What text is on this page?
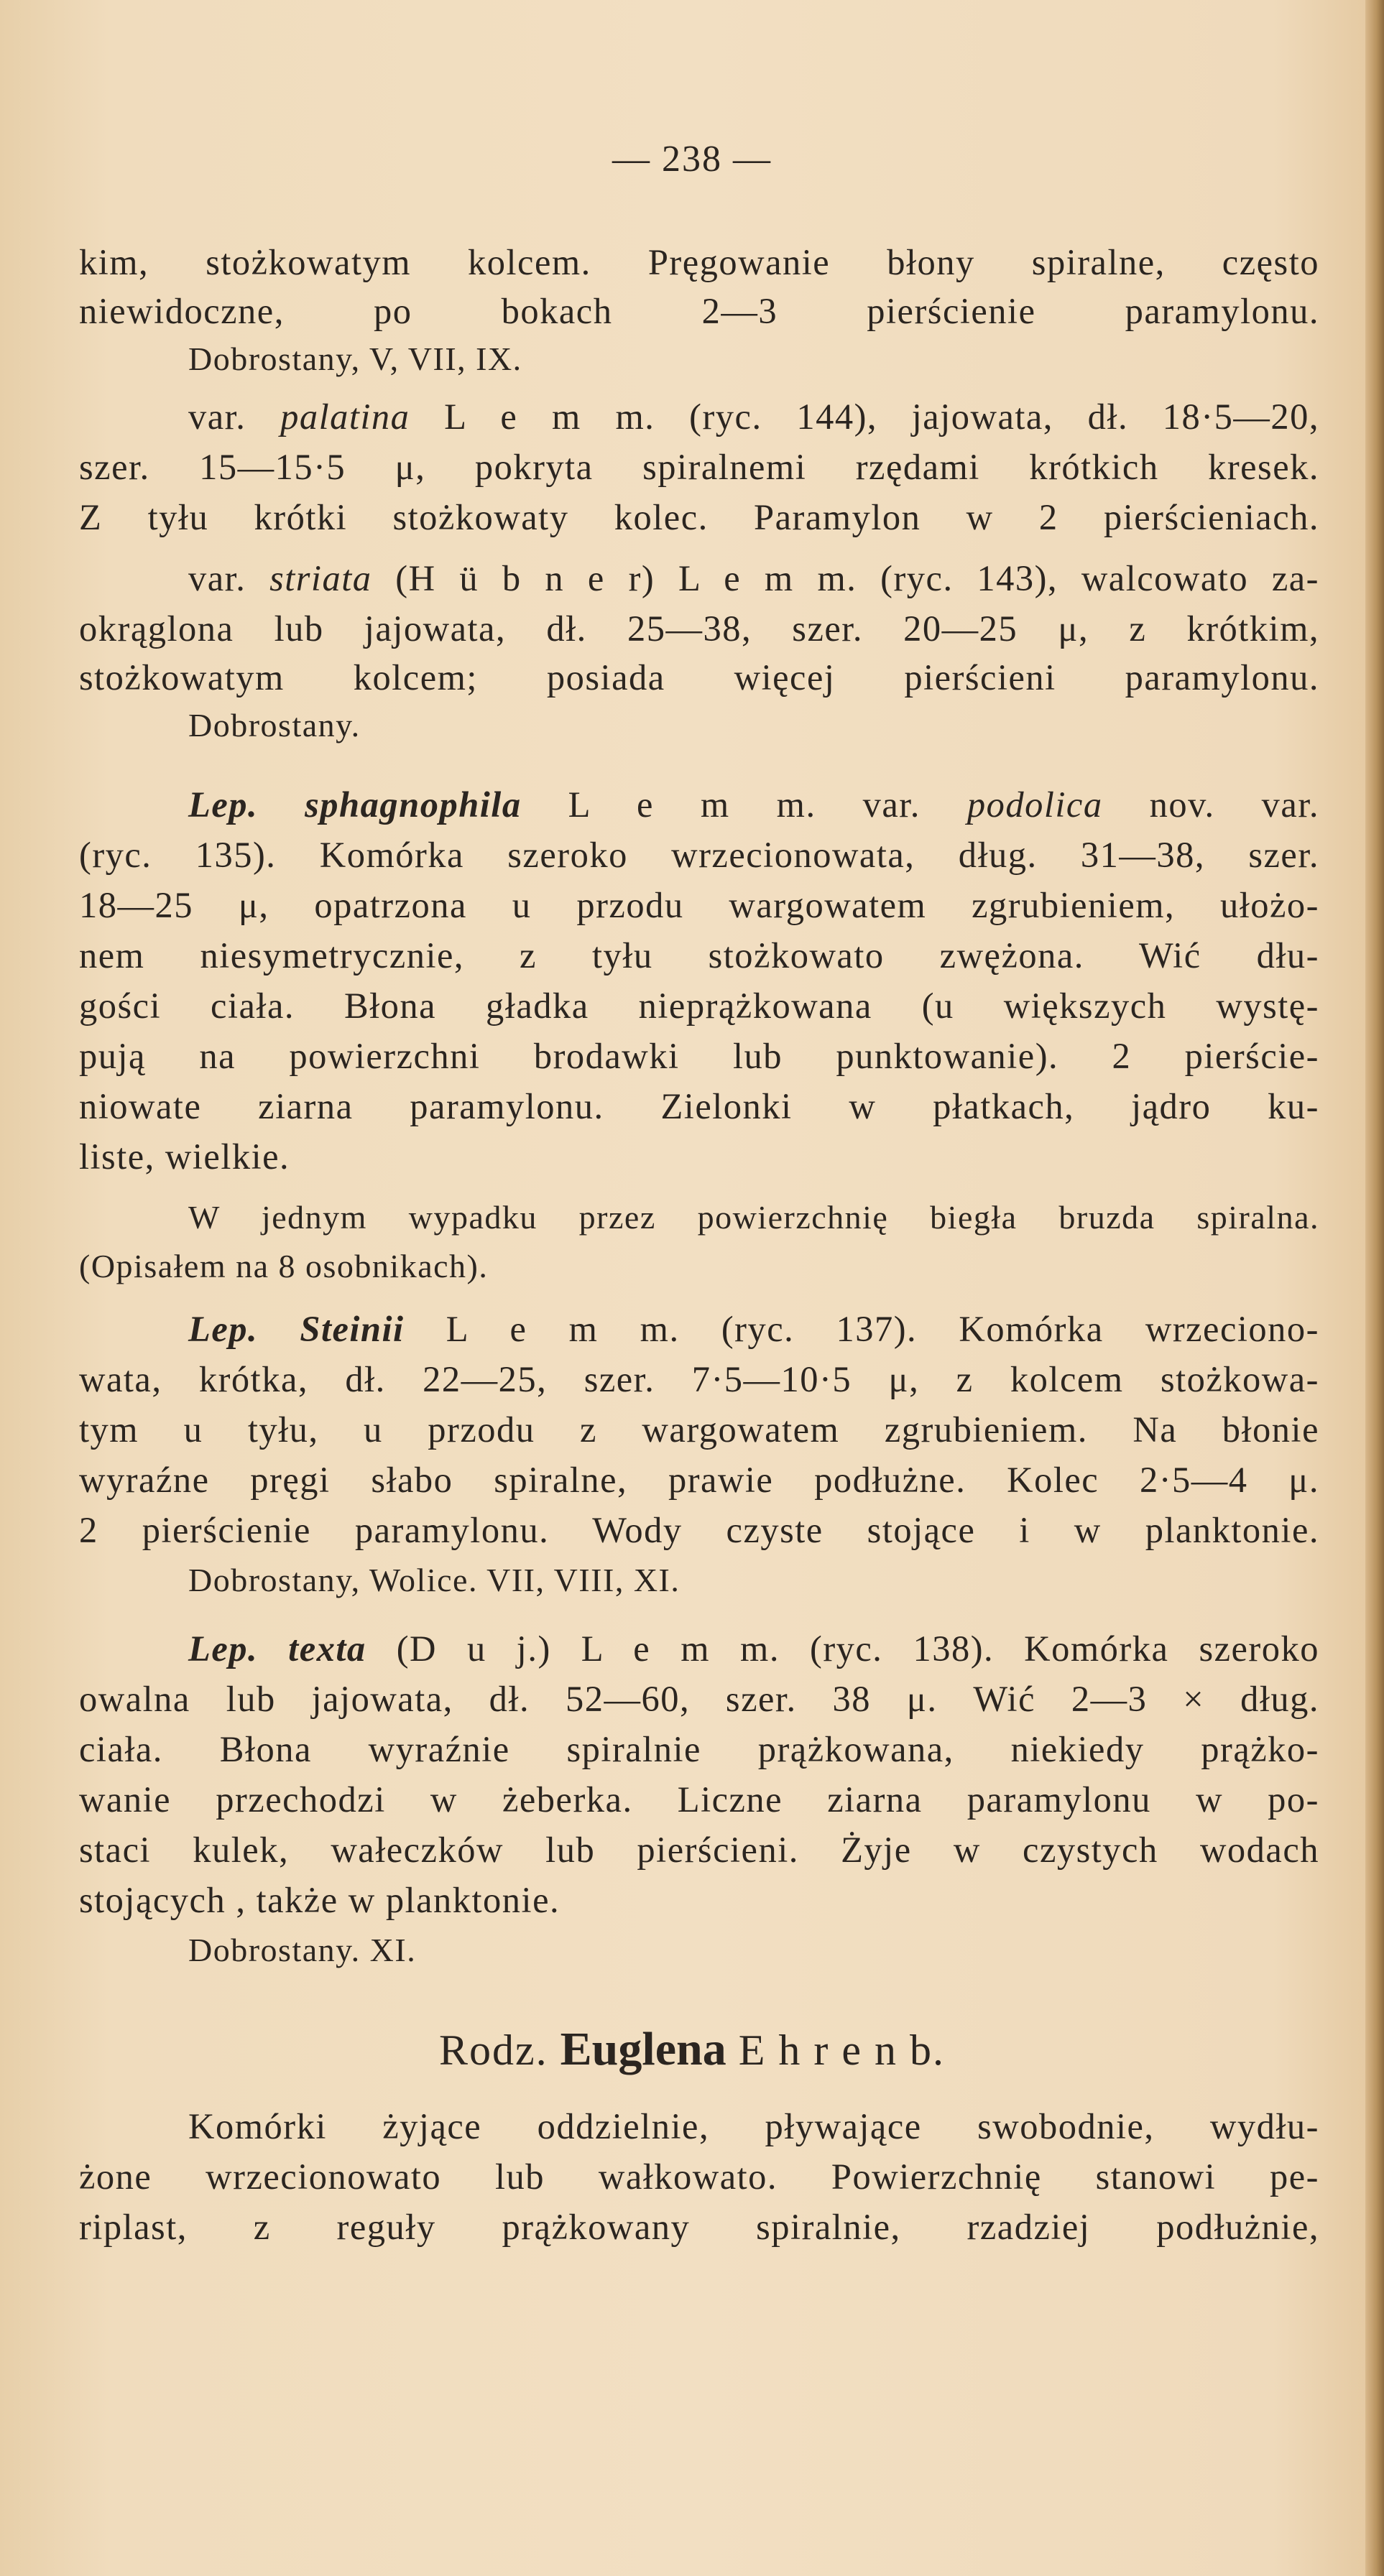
— 238 —
kim, stożkowatym kolcem. Pręgowanie błony spiralne, często
niewidoczne, po bokach 2—3 pierścienie paramylonu.
Dobrostany, V, VII, IX.
var. palatina L e m m. (ryc. 144), jajowata, dł. 18·5—20,
szer. 15—15·5 μ, pokryta spiralnemi rzędami krótkich kresek.
Z tyłu krótki stożkowaty kolec. Paramylon w 2 pierścieniach.
var. striata (H ü b n e r) L e m m. (ryc. 143), walcowato za-
okrąglona lub jajowata, dł. 25—38, szer. 20—25 μ, z krótkim,
stożkowatym kolcem; posiada więcej pierścieni paramylonu.
Dobrostany.
Lep. sphagnophila L e m m. var. podolica nov. var.
(ryc. 135). Komórka szeroko wrzecionowata, dług. 31—38, szer.
18—25 μ, opatrzona u przodu wargowatem zgrubieniem, ułożo-
nem niesymetrycznie, z tyłu stożkowato zwężona. Wić dłu-
gości ciała. Błona gładka nieprążkowana (u większych wystę-
pują na powierzchni brodawki lub punktowanie). 2 pierście-
niowate ziarna paramylonu. Zielonki w płatkach, jądro ku-
liste, wielkie.
W jednym wypadku przez powierzchnię biegła bruzda spiralna.
(Opisałem na 8 osobnikach).
Lep. Steinii L e m m. (ryc. 137). Komórka wrzeciono-
wata, krótka, dł. 22—25, szer. 7·5—10·5 μ, z kolcem stożkowa-
tym u tyłu, u przodu z wargowatem zgrubieniem. Na błonie
wyraźne pręgi słabo spiralne, prawie podłużne. Kolec 2·5—4 μ.
2 pierścienie paramylonu. Wody czyste stojące i w planktonie.
Dobrostany, Wolice. VII, VIII, XI.
Lep. texta (D u j.) L e m m. (ryc. 138). Komórka szeroko
owalna lub jajowata, dł. 52—60, szer. 38 μ. Wić 2—3 × dług.
ciała. Błona wyraźnie spiralnie prążkowana, niekiedy prążko-
wanie przechodzi w żeberka. Liczne ziarna paramylonu w po-
staci kulek, wałeczków lub pierścieni. Żyje w czystych wodach
stojących , także w planktonie.
Dobrostany. XI.
Rodz. Euglena E h r e n b.
Komórki żyjące oddzielnie, pływające swobodnie, wydłu-
żone wrzecionowato lub wałkowato. Powierzchnię stanowi pe-
riplast, z reguły prążkowany spiralnie, rzadziej podłużnie,
